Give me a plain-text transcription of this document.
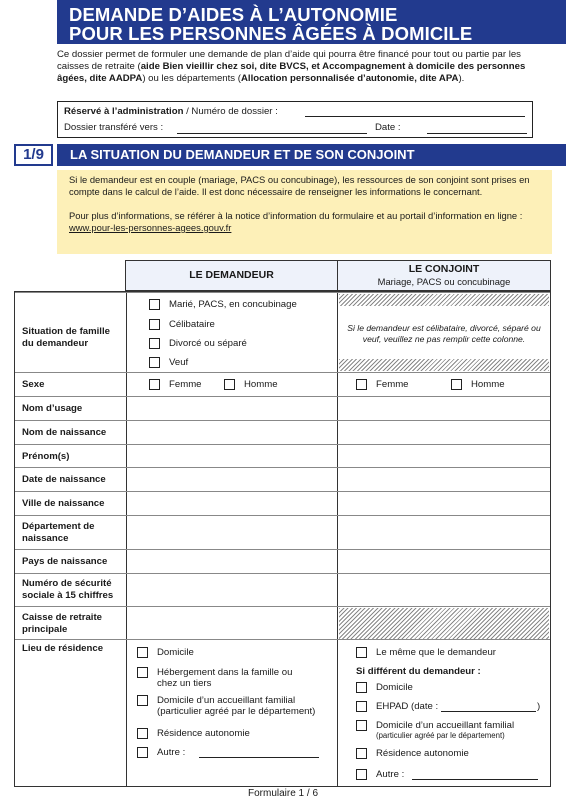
DEMANDE D’AIDES À L’AUTONOMIE
POUR LES PERSONNES ÂGÉES À DOMICILE
Ce dossier permet de formuler une demande de plan d’aide qui pourra être financé pour tout ou partie par les caisses de retraite (aide Bien vieillir chez soi, dite BVCS, et Accompagnement à domicile des personnes âgées, dite AADPA) ou les départements (Allocation personnalisée d’autonomie, dite APA).
Réservé à l’administration / Numéro de dossier :
Dossier transféré vers :	Date :
1/9	LA SITUATION DU DEMANDEUR ET DE SON CONJOINT
Si le demandeur est en couple (mariage, PACS ou concubinage), les ressources de son conjoint sont prises en compte dans le calcul de l’aide. Il est donc nécessaire de renseigner les informations le concernant.
Pour plus d’informations, se référer à la notice d’information du formulaire et au portail d’information en ligne : www.pour-les-personnes-agees.gouv.fr
LE DEMANDEUR	LE CONJOINT
Mariage, PACS ou concubinage
Situation de famille du demandeur
Marié, PACS, en concubinage
Célibataire
Divorcé ou séparé
Veuf
Si le demandeur est célibataire, divorcé, séparé ou veuf, veuillez ne pas remplir cette colonne.
Sexe	Femme	Homme	Femme	Homme
Nom d’usage
Nom de naissance
Prénom(s)
Date de naissance
Ville de naissance
Département de naissance
Pays de naissance
Numéro de sécurité sociale à 15 chiffres
Caisse de retraite principale
Lieu de résidence	Domicile
Hébergement dans la famille ou chez un tiers
Domicile d’un accueillant familial (particulier agréé par le département)
Résidence autonomie
Autre :
Le même que le demandeur
Si différent du demandeur :
Domicile
EHPAD (date :	)
Domicile d’un accueillant familial
(particulier agréé par le département)
Résidence autonomie
Autre :
Formulaire 1 / 6
